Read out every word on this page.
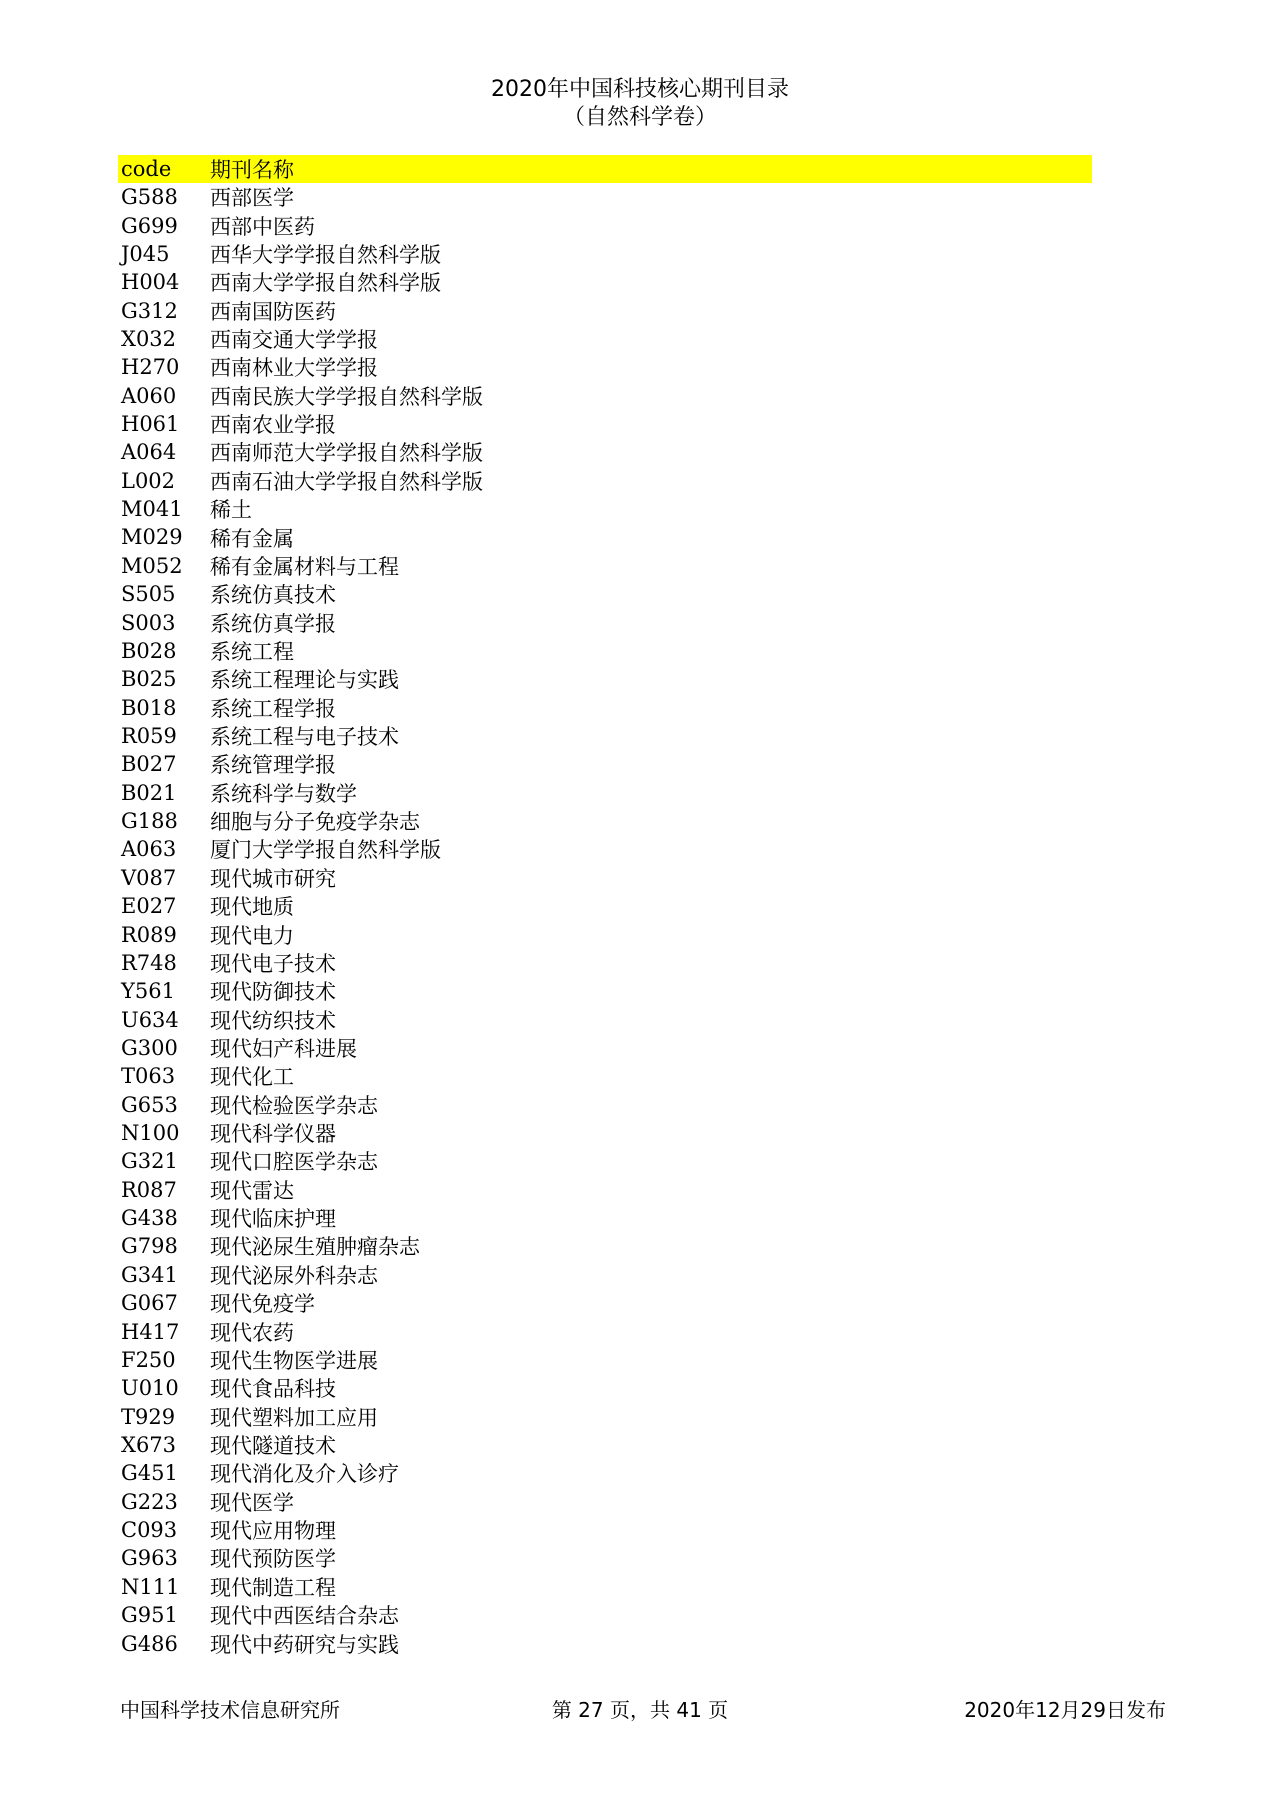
2020年中国科技核心期刊目录
（自然科学卷）
code	期刊名称
G588	西部医学
G699	西部中医药
J045	西华大学学报自然科学版
H004	西南大学学报自然科学版
G312	西南国防医药
X032	西南交通大学学报
H270	西南林业大学学报
A060	西南民族大学学报自然科学版
H061	西南农业学报
A064	西南师范大学学报自然科学版
L002	西南石油大学学报自然科学版
M041	稀土
M029	稀有金属
M052	稀有金属材料与工程
S505	系统仿真技术
S003	系统仿真学报
B028	系统工程
B025	系统工程理论与实践
B018	系统工程学报
R059	系统工程与电子技术
B027	系统管理学报
B021	系统科学与数学
G188	细胞与分子免疫学杂志
A063	厦门大学学报自然科学版
V087	现代城市研究
E027	现代地质
R089	现代电力
R748	现代电子技术
Y561	现代防御技术
U634	现代纺织技术
G300	现代妇产科进展
T063	现代化工
G653	现代检验医学杂志
N100	现代科学仪器
G321	现代口腔医学杂志
R087	现代雷达
G438	现代临床护理
G798	现代泌尿生殖肿瘤杂志
G341	现代泌尿外科杂志
G067	现代免疫学
H417	现代农药
F250	现代生物医学进展
U010	现代食品科技
T929	现代塑料加工应用
X673	现代隧道技术
G451	现代消化及介入诊疗
G223	现代医学
C093	现代应用物理
G963	现代预防医学
N111	现代制造工程
G951	现代中西医结合杂志
G486	现代中药研究与实践
中国科学技术信息研究所	第 27 页，共 41 页	2020年12月29日发布
